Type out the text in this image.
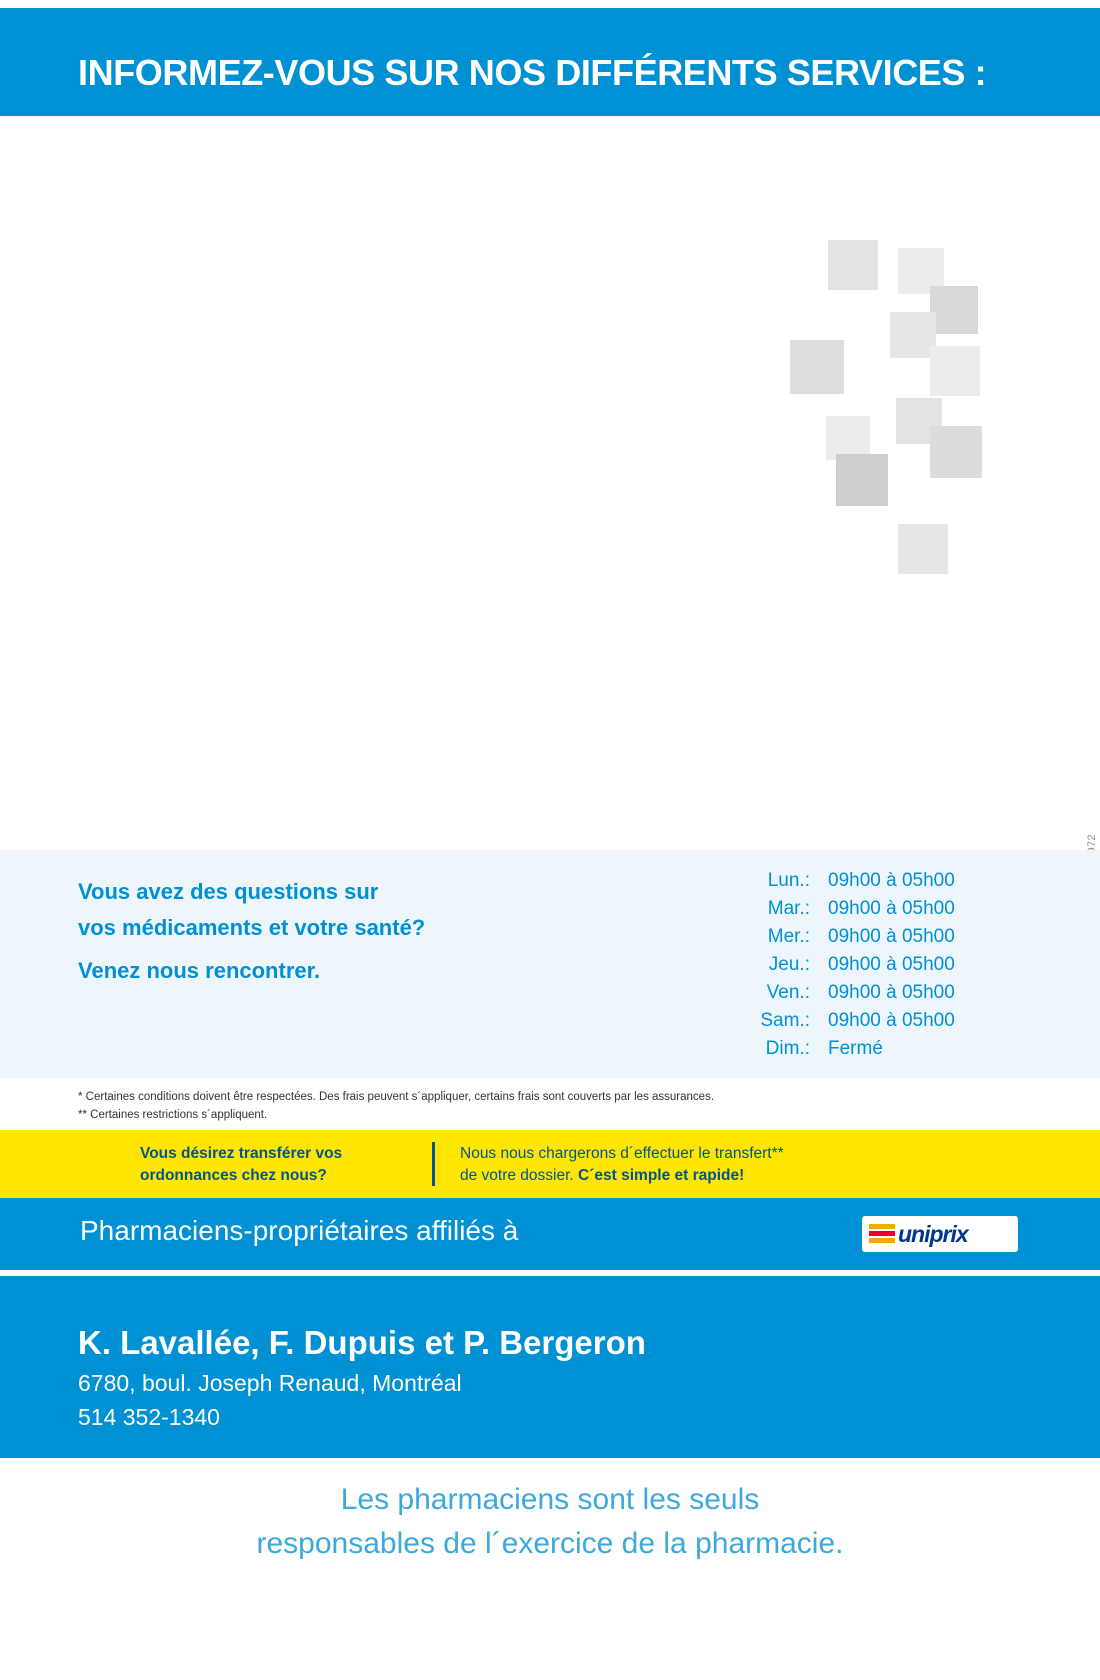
INFORMEZ-VOUS SUR NOS DIFFÉRENTS SERVICES :
Vous avez des questions sur
vos médicaments et votre santé?
Venez nous rencontrer.
Lun.: 09h00 à 05h00
Mar.: 09h00 à 05h00
Mer.: 09h00 à 05h00
Jeu.: 09h00 à 05h00
Ven.: 09h00 à 05h00
Sam.: 09h00 à 05h00
Dim.: Fermé
* Certaines conditions doivent être respectées. Des frais peuvent s´appliquer, certains frais sont couverts par les assurances.
** Certaines restrictions s´appliquent.
Vous désirez transférer vos
ordonnances chez nous?
Nous nous chargerons d´effectuer le transfert**
de votre dossier. C´est simple et rapide!
Pharmaciens-propriétaires affiliés à	uniprix
K. Lavallée, F. Dupuis et P. Bergeron
6780, boul. Joseph Renaud, Montréal
514 352-1340
Les pharmaciens sont les seuls
responsables de l´exercice de la pharmacie.
